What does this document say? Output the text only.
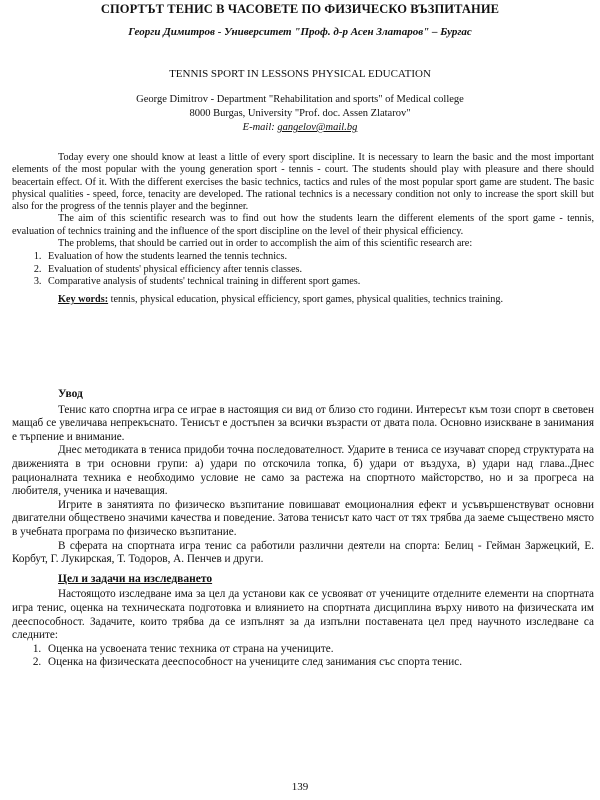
СПОРТЪТ ТЕНИС В ЧАСОВЕТЕ ПО ФИЗИЧЕСКО ВЪЗПИТАНИЕ
Георги Димитров - Университет "Проф. д-р Асен Златаров" – Бургас
TENNIS SPORT IN LESSONS PHYSICAL EDUCATION
George Dimitrov - Department "Rehabilitation and sports" of Medical college
8000 Burgas, University "Prof. doc. Assen Zlatarov"
E-mail: gangelov@mail.bg

Today every one should know at least a little of every sport discipline. It is necessary to learn the basic and the most important elements of the most popular with the young generation sport - tennis - court. The students should play with pleasure and there should beacertain effect. Of it. With the different exercises the basic technics, tactics and rules of the most popular sport game are student. The basic physical qualities - speed, force, tenacity are developed. The rational technics is a necessary condition not only to increase the sport skill but also for the progress of the tennis player and the beginner.

The aim of this scientific research was to find out how the students learn the different elements of the sport game - tennis, evaluation of technics training and the influence of the sport discipline on the level of their physical efficiency.

The problems, that should be carried out in order to accomplish the aim of this scientific research are:

1. Evaluation of how the students learned the tennis technics.
2. Evaluation of students' physical efficiency after tennis classes.
3. Comparative analysis of students' technical training in different sport games.

Key words: tennis, physical education, physical efficiency, sport games, physical qualities, technics training.

Увод

Тенис като спортна игра се играе в настоящия си вид от близо сто години. Интересът към този спорт в световен мащаб се увеличава непрекъснато. Тенисът е достъпен за всички възрасти от двата пола. Основно изискване в занимания е търпение и внимание.

Днес методиката в тениса придоби точна последователност. Ударите в тениса се изучават според структурата на движенията в три основни групи: а) удари по отскочила топка, б) удари от въздуха, в) удари над глава..Днес рационалната техника е необходимо условие не само за растежа на спортното майсторство, но и за прогреса на любителя, ученика и начеващия.

Игрите в занятията по физическо възпитание повишават емоционалния ефект и усъвършенствуват основни двигателни обществено значими качества и поведение. Затова тенисът като част от тях трябва да заеме съществено място в учебната програма по физическо възпитание.

В сферата на спортната игра тенис са работили различни деятели на спорта: Белиц - Гейман Заржецкий, Е. Корбут, Г. Лукирская, Т. Тодоров, А. Пенчев и други.

Цел и задачи на изследването

Настоящото изследване има за цел да установи как се усвояват от учениците отделните елементи на спортната игра тенис, оценка на техническата подготовка и влиянието на спортната дисциплина върху нивото на физическата им дееспособност. Задачите, които трябва да се изпълнят за да изпълни поставената цел пред научното изследване са следните:

1. Оценка на усвоената тенис техника от страна на учениците.
2. Оценка на физическата дееспособност на учениците след занимания със спорта тенис.
139
